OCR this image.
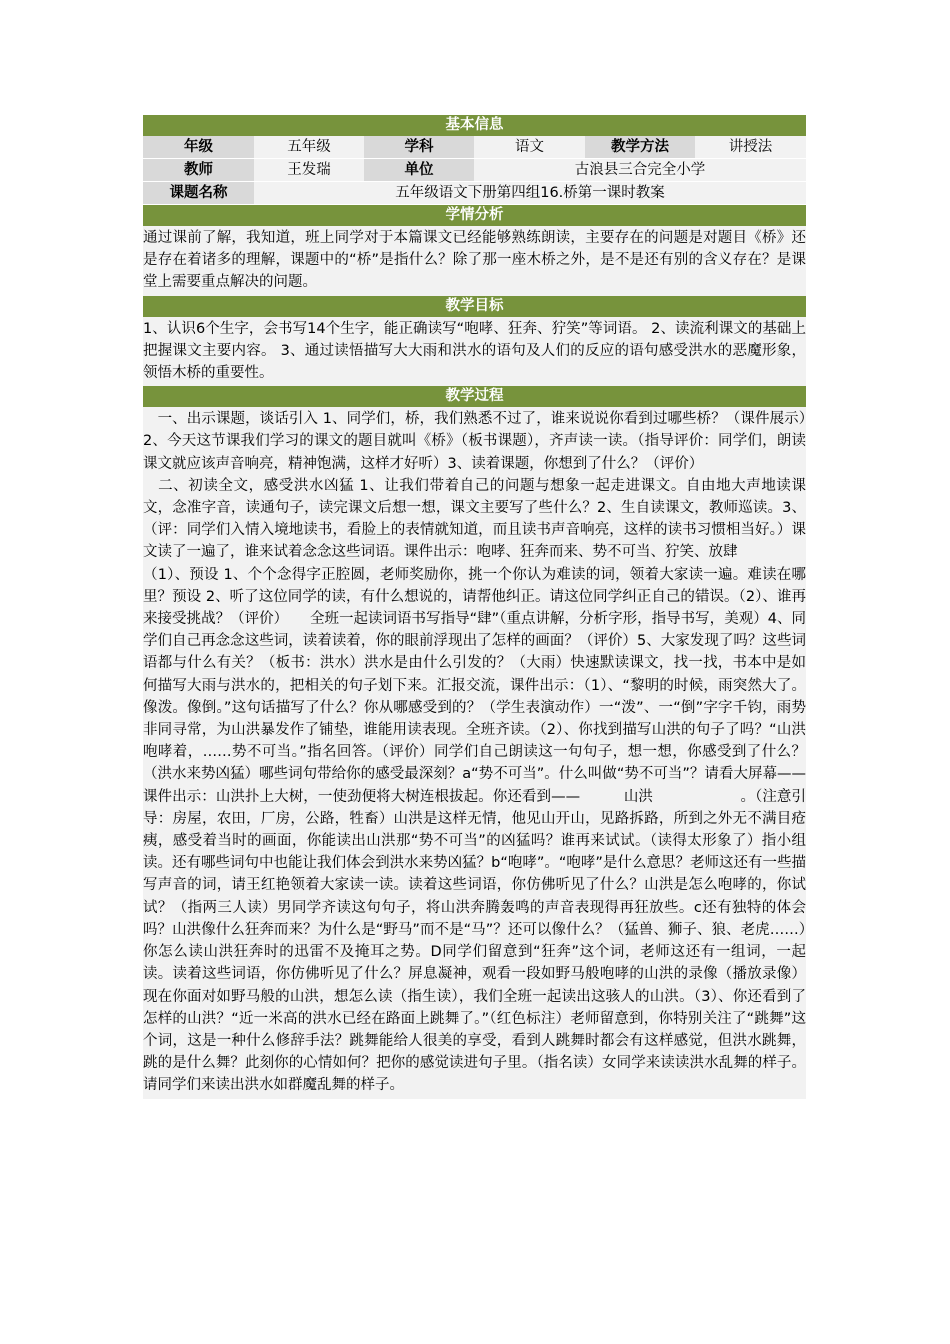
基本信息
年级	五年级	学科	语文	教学方法	讲授法
教师	王发瑞	单位	古浪县三合完全小学		
课题名称	五年级语文下册第四组16.桥第一课时教案				
学情分析
通过课前了解，我知道，班上同学对于本篇课文已经能够熟练朗读，主要存在的问题是对题目《桥》还是存在着诸多的理解，课题中的“桥”是指什么？除了那一座木桥之外，是不是还有别的含义存在？是课堂上需要重点解决的问题。
教学目标
1、认识6个生字，会书写14个生字，能正确读写“咆哮、狂奔、狞笑”等词语。 2、读流利课文的基础上把握课文主要内容。 3、通过读悟描写大大雨和洪水的语句及人们的反应的语句感受洪水的恶魔形象，领悟木桥的重要性。
教学过程

　一、出示课题，谈话引入 1、同学们，桥，我们熟悉不过了，谁来说说你看到过哪些桥？（课件展示）2、今天这节课我们学习的课文的题目就叫《桥》（板书课题），齐声读一读。（指导评价：同学们，朗读课文就应该声音响亮，精神饱满，这样才好听）3、读着课题，你想到了什么？（评价）

　二、初读全文，感受洪水凶猛 1、让我们带着自己的问题与想象一起走进课文。自由地大声地读课文，念准字音，读通句子，读完课文后想一想，课文主要写了些什么？2、生自读课文，教师巡读。3、（评：同学们入情入境地读书，看脸上的表情就知道，而且读书声音响亮，这样的读书习惯相当好。）课文读了一遍了，谁来试着念念这些词语。课件出示：咆哮、狂奔而来、势不可当、狞笑、放肆

（1）、预设 1、个个念得字正腔圆，老师奖励你，挑一个你认为难读的词，领着大家读一遍。难读在哪里？预设 2、听了这位同学的读，有什么想说的，请帮他纠正。请这位同学纠正自己的错误。（2）、谁再来接受挑战？（评价）　　全班一起读词语书写指导“肆”（重点讲解，分析字形，指导书写，美观）4、同学们自己再念念这些词，读着读着，你的眼前浮现出了怎样的画面？（评价）5、大家发现了吗？这些词语都与什么有关？（板书：洪水）洪水是由什么引发的？（大雨）快速默读课文，找一找，书本中是如何描写大雨与洪水的，把相关的句子划下来。汇报交流，课件出示：（1）、“黎明的时候，雨突然大了。像泼。像倒。”这句话描写了什么？你从哪感受到的？（学生表演动作）一“泼”、一“倒”字字千钧，雨势非同寻常，为山洪暴发作了铺垫，谁能用读表现。全班齐读。（2）、你找到描写山洪的句子了吗？“山洪咆哮着，……势不可当。”指名回答。（评价）同学们自己朗读这一句句子，想一想，你感受到了什么？（洪水来势凶猛）哪些词句带给你的感受最深刻？a“势不可当”。什么叫做“势不可当”？请看大屏幕——课件出示：山洪扑上大树，一使劲便将大树连根拔起。你还看到——　　　山洪　　　　　　。（注意引导：房屋，农田，厂房，公路，牲畜）山洪是这样无情，他见山开山，见路拆路，所到之外无不满目疮痍，感受着当时的画面，你能读出山洪那“势不可当”的凶猛吗？谁再来试试。（读得太形象了）指小组读。还有哪些词句中也能让我们体会到洪水来势凶猛？b“咆哮”。“咆哮”是什么意思？老师这还有一些描写声音的词，请王红艳领着大家读一读。读着这些词语，你仿佛听见了什么？山洪是怎么咆哮的，你试试？（指两三人读）男同学齐读这句句子，将山洪奔腾轰鸣的声音表现得再狂放些。c还有独特的体会吗？山洪像什么狂奔而来？为什么是“野马”而不是“马”？还可以像什么？（猛兽、狮子、狼、老虎……）你怎么读山洪狂奔时的迅雷不及掩耳之势。D同学们留意到“狂奔”这个词，老师这还有一组词，一起读。读着这些词语，你仿佛听见了什么？屏息凝神，观看一段如野马般咆哮的山洪的录像（播放录像）现在你面对如野马般的山洪，想怎么读（指生读），我们全班一起读出这骇人的山洪。（3）、你还看到了怎样的山洪？“近一米高的洪水已经在路面上跳舞了。”（红色标注）老师留意到，你特别关注了“跳舞”这个词，这是一种什么修辞手法？跳舞能给人很美的享受，看到人跳舞时都会有这样感觉，但洪水跳舞，跳的是什么舞？此刻你的心情如何？把你的感觉读进句子里。（指名读）女同学来读读洪水乱舞的样子。请同学们来读出洪水如群魔乱舞的样子。
